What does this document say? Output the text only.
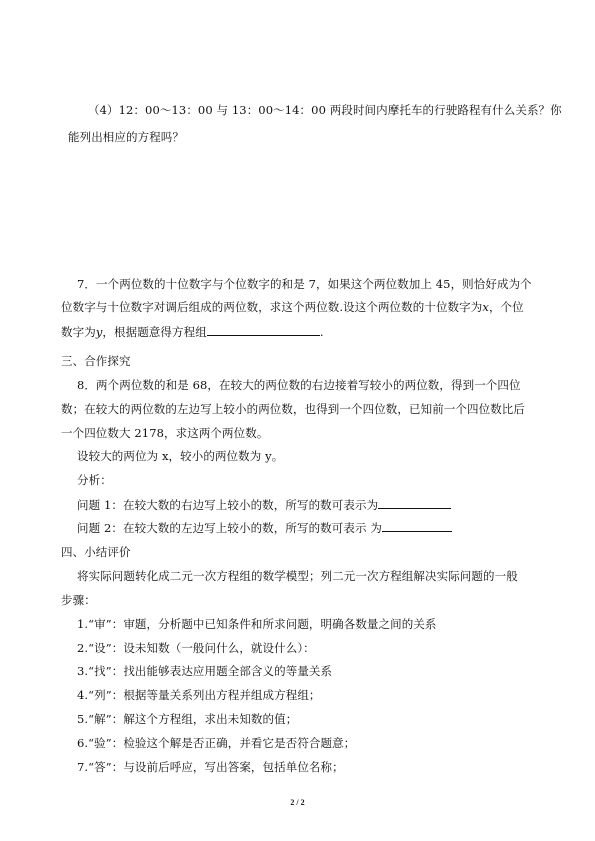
（4）12：00～13：00 与 13：00～14：00 两段时间内摩托车的行驶路程有什么关系？你
能列出相应的方程吗？
7．一个两位数的十位数字与个位数字的和是 7，如果这个两位数加上 45，则恰好成为个
位数字与十位数字对调后组成的两位数，求这个两位数.设这个两位数的十位数字为x，个位
数字为y，根据题意得方程组	.
三、合作探究
8．两个两位数的和是 68，在较大的两位数的右边接着写较小的两位数，得到一个四位
数；在较大的两位数的左边写上较小的两位数，也得到一个四位数，已知前一个四位数比后
一个四位数大 2178，求这两个两位数。
设较大的两位为 x，较小的两位数为 y。
分析：
问题 1：在较大数的右边写上较小的数，所写的数可表示为
问题 2：在较大数的左边写上较小的数，所写的数可表示 为
四、小结评价
将实际问题转化成二元一次方程组的数学模型；列二元一次方程组解决实际问题的一般
步骤：
1.“审”：审题，分析题中已知条件和所求问题，明确各数量之间的关系
2.“设”：设未知数（一般问什么，就设什么）：
3.“找”：找出能够表达应用题全部含义的等量关系
4.“列”：根据等量关系列出方程并组成方程组；
5.“解”：解这个方程组，求出未知数的值；
6.“验”：检验这个解是否正确，并看它是否符合题意；
7.“答”：与设前后呼应，写出答案，包括单位名称；
2 / 2
